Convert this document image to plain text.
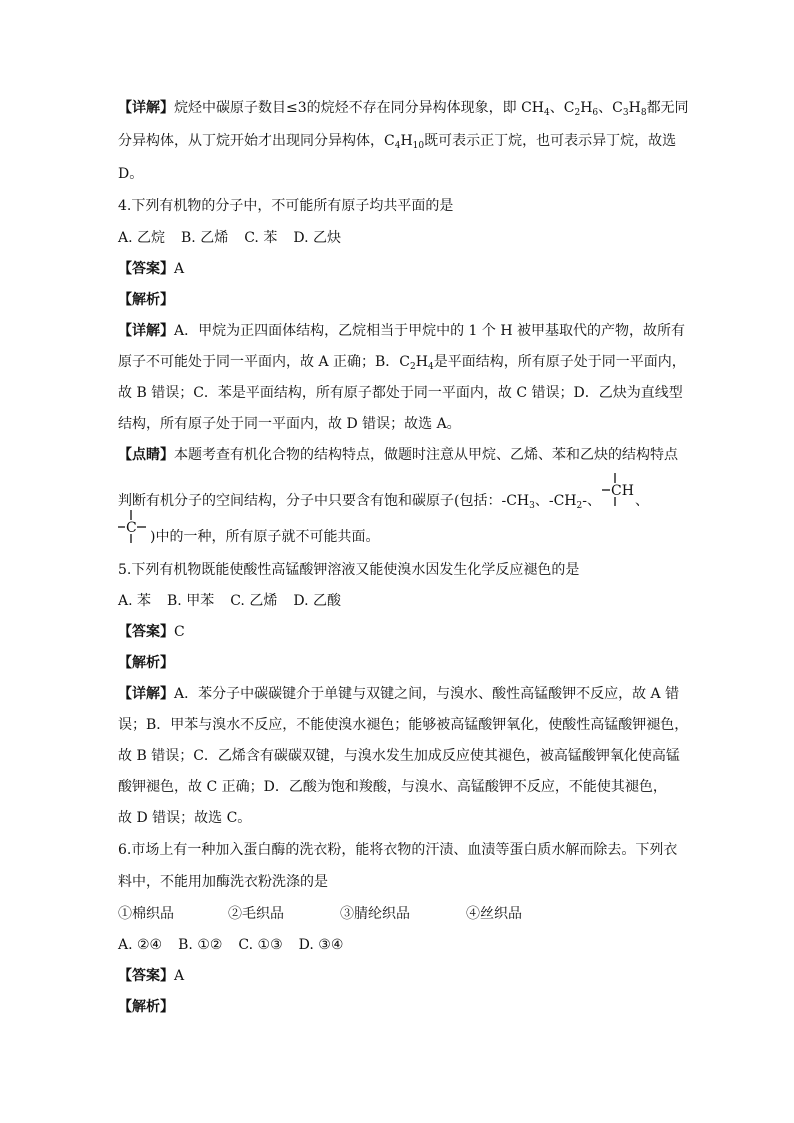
【详解】烷烃中碳原子数目≤3的烷烃不存在同分异构体现象，即 $CH_4$、$C_2H_6$、$C_3H_8$都无同
分异构体，从丁烷开始才出现同分异构体，$C_4H_{10}$既可表示正丁烷，也可表示异丁烷，故选
D。
4.下列有机物的分子中，不可能所有原子均共平面的是
A. 乙烷 B. 乙烯 C. 苯 D. 乙炔
【答案】A
【解析】
【详解】A．甲烷为正四面体结构，乙烷相当于甲烷中的 1 个 H 被甲基取代的产物，故所有
原子不可能处于同一平面内，故 A 正确；B．$C_2H_4$是平面结构，所有原子处于同一平面内，
故 B 错误；C．苯是平面结构，所有原子都处于同一平面内，故 C 错误；D．乙炔为直线型
结构，所有原子处于同一平面内，故 D 错误；故选 A。
【点睛】本题考查有机化合物的结构特点，做题时注意从甲烷、乙烯、苯和乙炔的结构特点
判断有机分子的空间结构，分子中只要含有饱和碳原子(包括：$-CH_3$、$-CH_2-$、
CH
、
C
)中的一种，所有原子就不可能共面。
5.下列有机物既能使酸性高锰酸钾溶液又能使溴水因发生化学反应褪色的是
A. 苯 B. 甲苯 C. 乙烯 D. 乙酸
【答案】C
【解析】
【详解】A．苯分子中碳碳键介于单键与双键之间，与溴水、酸性高锰酸钾不反应，故 A 错
误；B．甲苯与溴水不反应，不能使溴水褪色；能够被高锰酸钾氧化，使酸性高锰酸钾褪色，
故 B 错误；C．乙烯含有碳碳双键，与溴水发生加成反应使其褪色，被高锰酸钾氧化使高锰
酸钾褪色，故 C 正确；D．乙酸为饱和羧酸，与溴水、高锰酸钾不反应，不能使其褪色，
故 D 错误；故选 C。
6.市场上有一种加入蛋白酶的洗衣粉，能将衣物的汗渍、血渍等蛋白质水解而除去。下列衣
料中，不能用加酶洗衣粉洗涤的是
①棉织品	②毛织品	③腈纶织品	④丝织品
A. ②④ B. ①② C. ①③ D. ③④
【答案】A
【解析】
